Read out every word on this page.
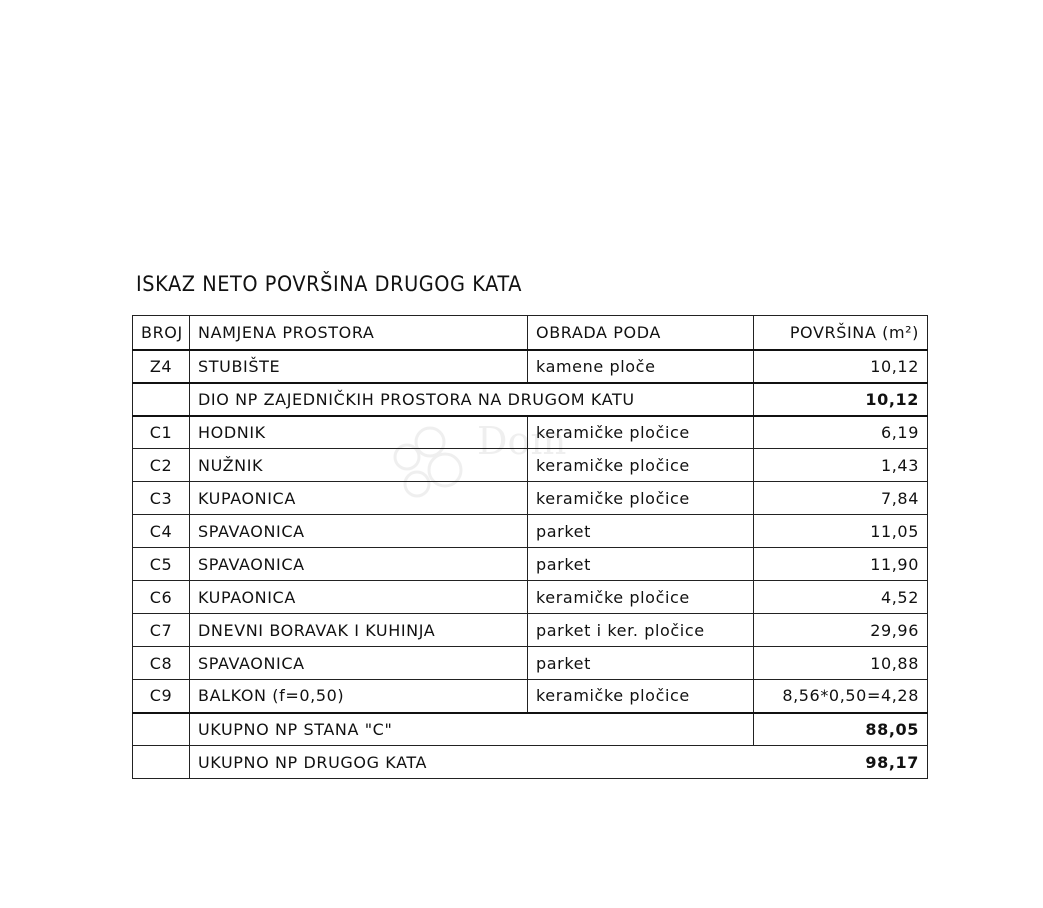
ISKAZ NETO POVRŠINA DRUGOG KATA
Dom
BROJ	NAMJENA PROSTORA	OBRADA PODA	POVRŠINA (m²)
Z4	STUBIŠTE	kamene ploče	10,12
	DIO NP ZAJEDNIČKIH PROSTORA NA DRUGOM KATU		10,12
C1	HODNIK	keramičke pločice	6,19
C2	NUŽNIK	keramičke pločice	1,43
C3	KUPAONICA	keramičke pločice	7,84
C4	SPAVAONICA	parket	11,05
C5	SPAVAONICA	parket	11,90
C6	KUPAONICA	keramičke pločice	4,52
C7	DNEVNI BORAVAK I KUHINJA	parket i ker. pločice	29,96
C8	SPAVAONICA	parket	10,88
C9	BALKON (f=0,50)	keramičke pločice	8,56*0,50=4,28
	UKUPNO NP STANA "C"		88,05
	UKUPNO NP DRUGOG KATA		98,17
